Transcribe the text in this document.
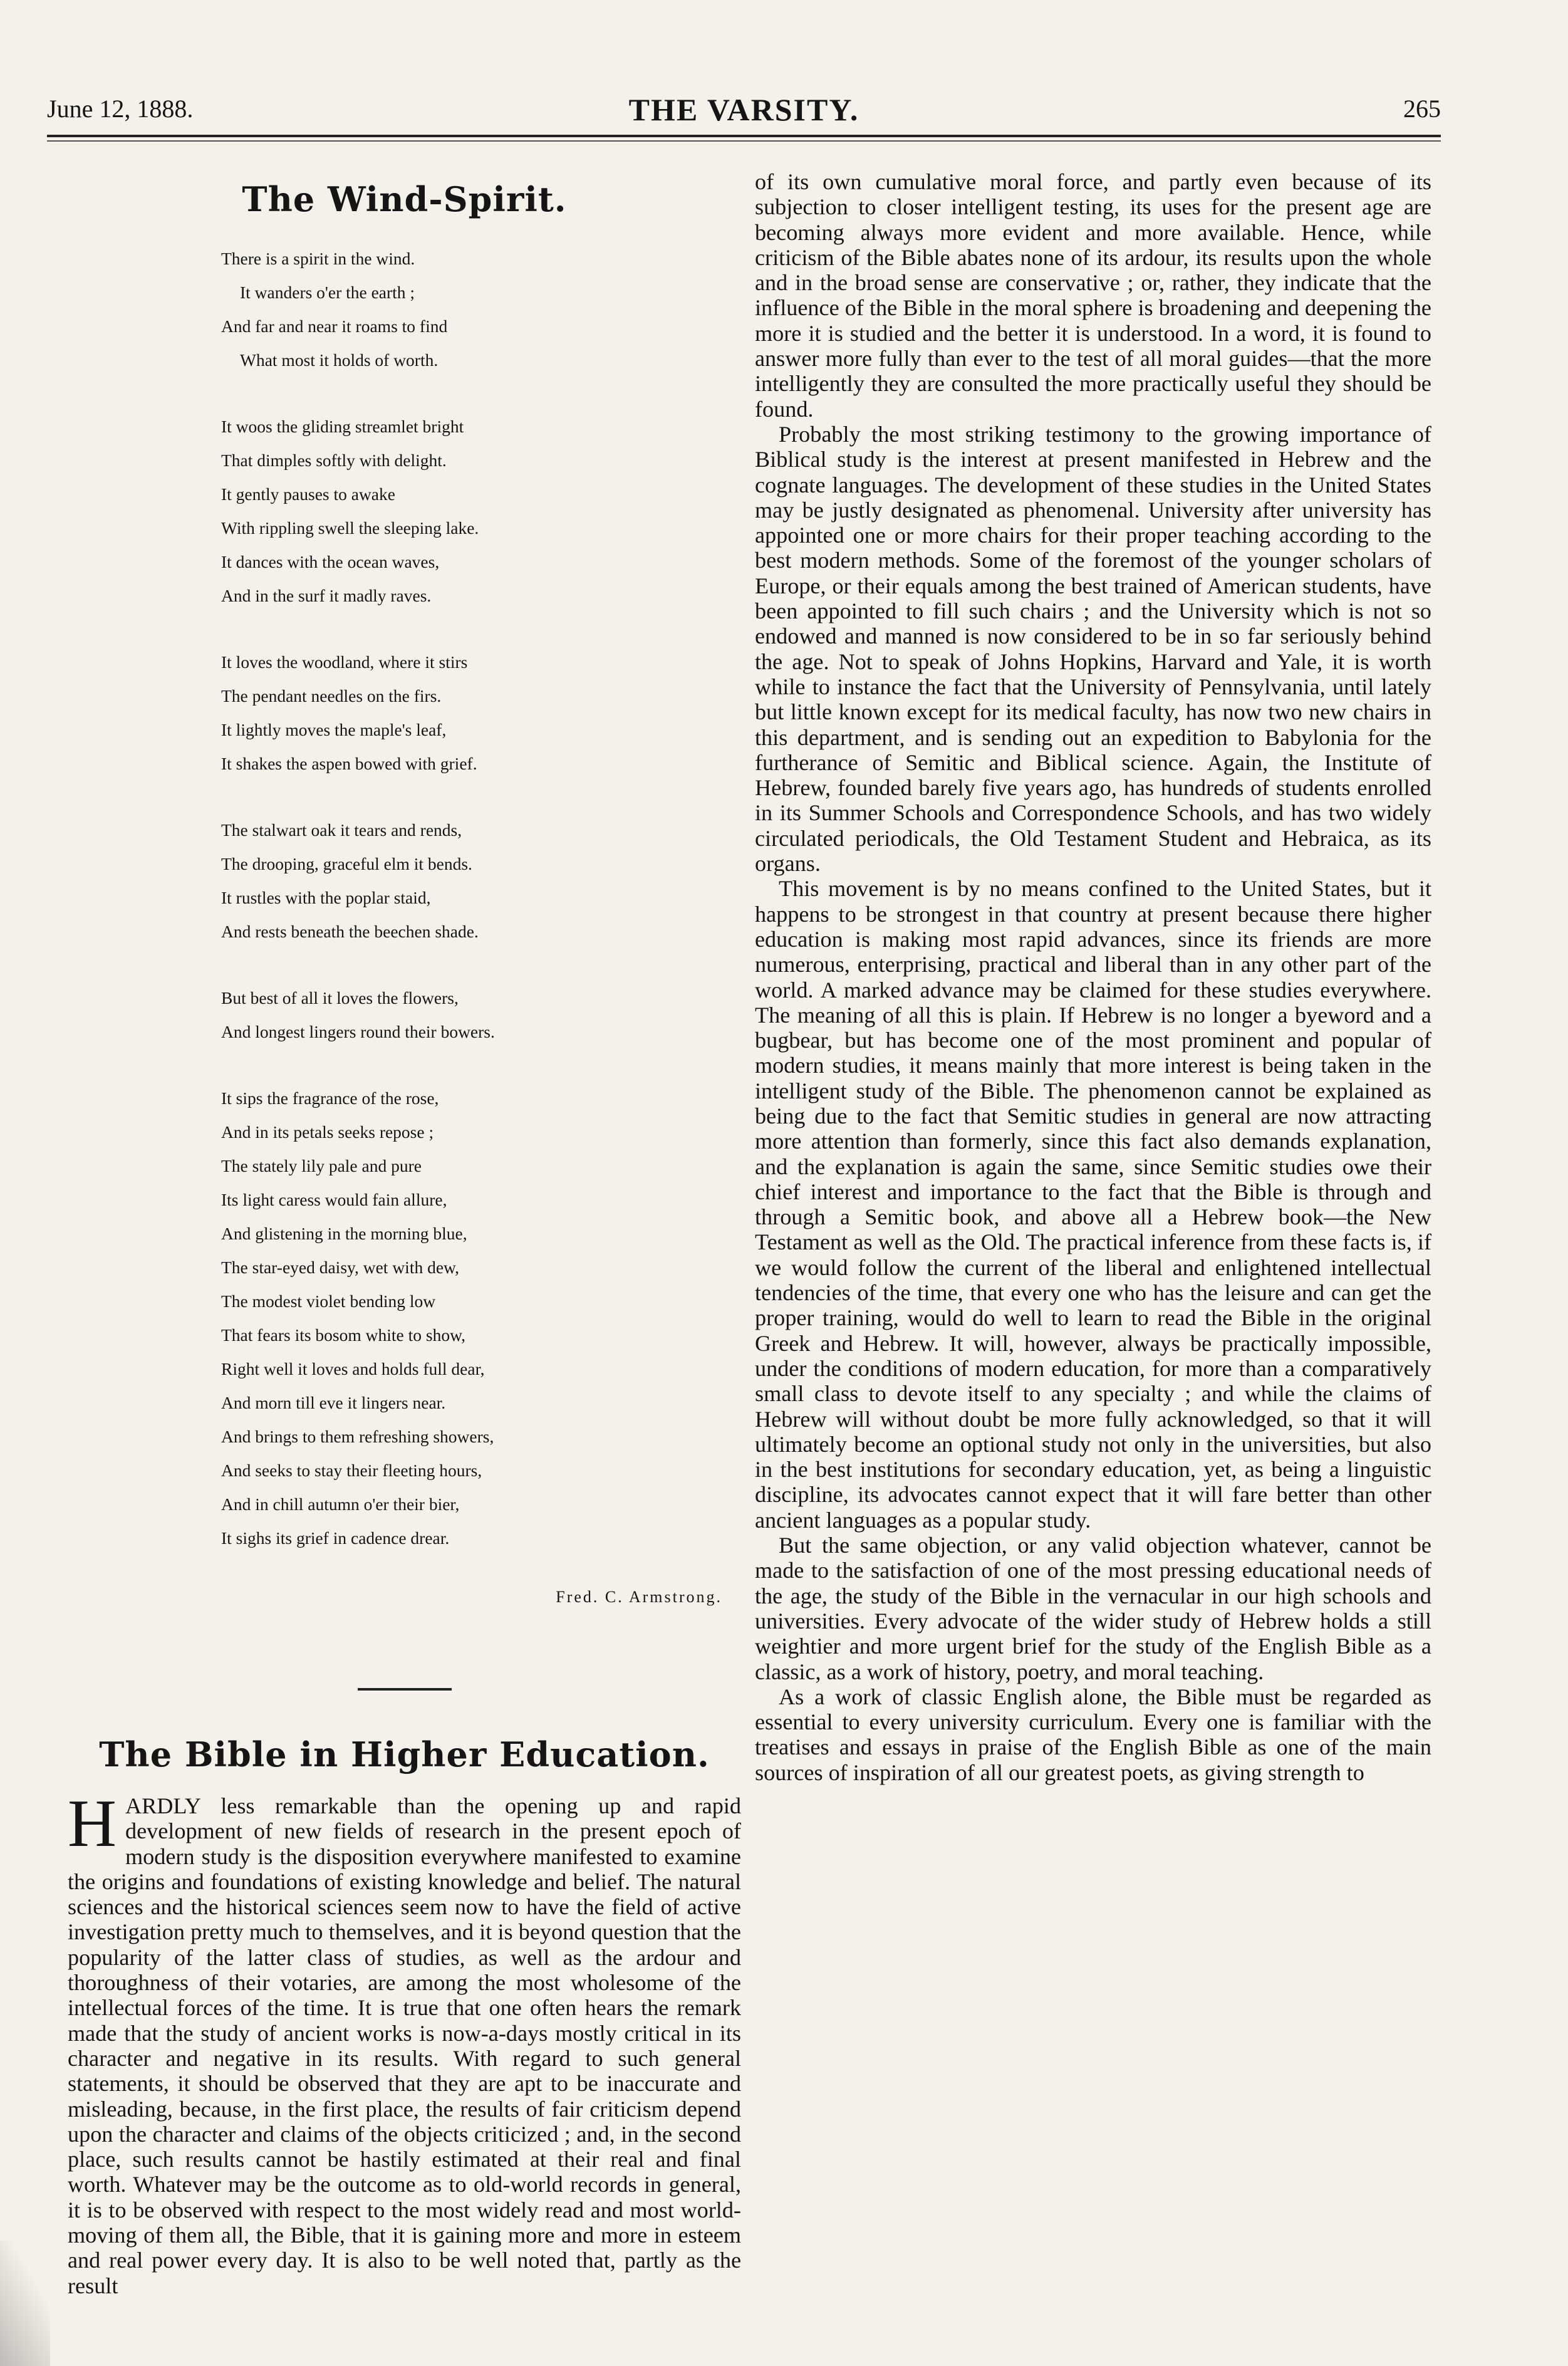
June 12, 1888.	THE VARSITY.	265
The Wind-Spirit.
There is a spirit in the wind.
It wanders o'er the earth ;
And far and near it roams to find
What most it holds of worth.
It woos the gliding streamlet bright
That dimples softly with delight.
It gently pauses to awake
With rippling swell the sleeping lake.
It dances with the ocean waves,
And in the surf it madly raves.
It loves the woodland, where it stirs
The pendant needles on the firs.
It lightly moves the maple's leaf,
It shakes the aspen bowed with grief.
The stalwart oak it tears and rends,
The drooping, graceful elm it bends.
It rustles with the poplar staid,
And rests beneath the beechen shade.
But best of all it loves the flowers,
And longest lingers round their bowers.
It sips the fragrance of the rose,
And in its petals seeks repose ;
The stately lily pale and pure
Its light caress would fain allure,
And glistening in the morning blue,
The star-eyed daisy, wet with dew,
The modest violet bending low
That fears its bosom white to show,
Right well it loves and holds full dear,
And morn till eve it lingers near.
And brings to them refreshing showers,
And seeks to stay their fleeting hours,
And in chill autumn o'er their bier,
It sighs its grief in cadence drear.
Fred. C. Armstrong.
The Bible in Higher Education.
H ARDLY less remarkable than the opening up and rapid development of new fields of research in the present epoch of modern study is the disposition everywhere manifested to examine the origins and foundations of existing knowledge and belief. The natural sciences and the historical sciences seem now to have the field of active investigation pretty much to themselves, and it is beyond question that the popularity of the latter class of studies, as well as the ardour and thoroughness of their votaries, are among the most wholesome of the intellectual forces of the time. It is true that one often hears the remark made that the study of ancient works is now-a-days mostly critical in its character and negative in its results. With regard to such general statements, it should be observed that they are apt to be inaccurate and misleading, because, in the first place, the results of fair criticism depend upon the character and claims of the objects criticized ; and, in the second place, such results cannot be hastily estimated at their real and final worth. Whatever may be the outcome as to old-world records in general, it is to be observed with respect to the most widely read and most world-moving of them all, the Bible, that it is gaining more and more in esteem and real power every day. It is also to be well noted that, partly as the result

of its own cumulative moral force, and partly even because of its subjection to closer intelligent testing, its uses for the present age are becoming always more evident and more available. Hence, while criticism of the Bible abates none of its ardour, its results upon the whole and in the broad sense are conservative ; or, rather, they indicate that the influence of the Bible in the moral sphere is broadening and deepening the more it is studied and the better it is understood. In a word, it is found to answer more fully than ever to the test of all moral guides—that the more intelligently they are consulted the more practically useful they should be found.

Probably the most striking testimony to the growing importance of Biblical study is the interest at present manifested in Hebrew and the cognate languages. The development of these studies in the United States may be justly designated as phenomenal. University after university has appointed one or more chairs for their proper teaching according to the best modern methods. Some of the foremost of the younger scholars of Europe, or their equals among the best trained of American students, have been appointed to fill such chairs ; and the University which is not so endowed and manned is now considered to be in so far seriously behind the age. Not to speak of Johns Hopkins, Harvard and Yale, it is worth while to instance the fact that the University of Pennsylvania, until lately but little known except for its medical faculty, has now two new chairs in this department, and is sending out an expedition to Babylonia for the furtherance of Semitic and Biblical science. Again, the Institute of Hebrew, founded barely five years ago, has hundreds of students enrolled in its Summer Schools and Correspondence Schools, and has two widely circulated periodicals, the Old Testament Student and Hebraica, as its organs.

This movement is by no means confined to the United States, but it happens to be strongest in that country at present because there higher education is making most rapid advances, since its friends are more numerous, enterprising, practical and liberal than in any other part of the world. A marked advance may be claimed for these studies everywhere. The meaning of all this is plain. If Hebrew is no longer a byeword and a bugbear, but has become one of the most prominent and popular of modern studies, it means mainly that more interest is being taken in the intelligent study of the Bible. The phenomenon cannot be explained as being due to the fact that Semitic studies in general are now attracting more attention than formerly, since this fact also demands explanation, and the explanation is again the same, since Semitic studies owe their chief interest and importance to the fact that the Bible is through and through a Semitic book, and above all a Hebrew book—the New Testament as well as the Old. The practical inference from these facts is, if we would follow the current of the liberal and enlightened intellectual tendencies of the time, that every one who has the leisure and can get the proper training, would do well to learn to read the Bible in the original Greek and Hebrew. It will, however, always be practically impossible, under the conditions of modern education, for more than a comparatively small class to devote itself to any specialty ; and while the claims of Hebrew will without doubt be more fully acknowledged, so that it will ultimately become an optional study not only in the universities, but also in the best institutions for secondary education, yet, as being a linguistic discipline, its advocates cannot expect that it will fare better than other ancient languages as a popular study.

But the same objection, or any valid objection whatever, cannot be made to the satisfaction of one of the most pressing educational needs of the age, the study of the Bible in the vernacular in our high schools and universities. Every advocate of the wider study of Hebrew holds a still weightier and more urgent brief for the study of the English Bible as a classic, as a work of history, poetry, and moral teaching.

As a work of classic English alone, the Bible must be regarded as essential to every university curriculum. Every one is familiar with the treatises and essays in praise of the English Bible as one of the main sources of inspiration of all our greatest poets, as giving strength to
